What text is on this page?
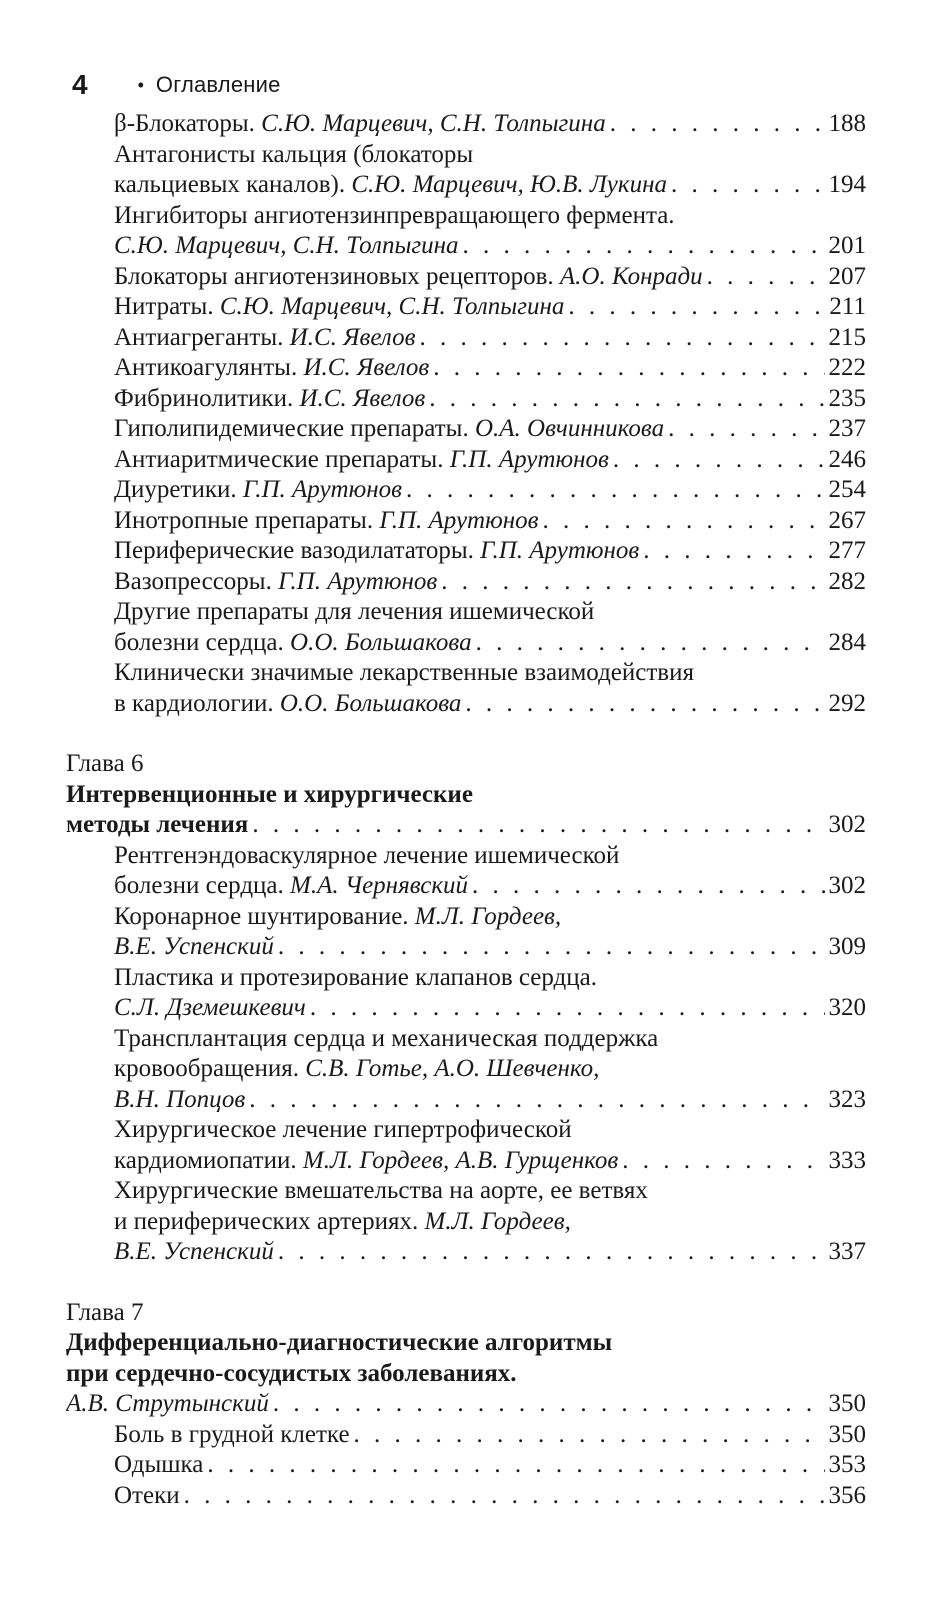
4	• Оглавление
β-Блокаторы. С.Ю. Марцевич, С.Н. Толпыгина . . .	188
Антагонисты кальция (блокаторы
кальциевых каналов). С.Ю. Марцевич, Ю.В. Лукина . . .	194
Ингибиторы ангиотензинпревращающего фермента.
С.Ю. Марцевич, С.Н. Толпыгина . . .	201
Блокаторы ангиотензиновых рецепторов. А.О. Конради . . .	207
Нитраты. С.Ю. Марцевич, С.Н. Толпыгина . . .	211
Антиагреганты. И.С. Явелов . . .	215
Антикоагулянты. И.С. Явелов . . .	222
Фибринолитики. И.С. Явелов . . .	235
Гиполипидемические препараты. О.А. Овчинникова . . .	237
Антиаритмические препараты. Г.П. Арутюнов . . .	246
Диуретики. Г.П. Арутюнов . . .	254
Инотропные препараты. Г.П. Арутюнов . . .	267
Периферические вазодилататоры. Г.П. Арутюнов . . .	277
Вазопрессоры. Г.П. Арутюнов . . .	282
Другие препараты для лечения ишемической
болезни сердца. О.О. Большакова . . .	284
Клинически значимые лекарственные взаимодействия
в кардиологии. О.О. Большакова . . .	292
Глава 6
Интервенционные и хирургические
методы лечения . . .	302
Рентгенэндоваскулярное лечение ишемической
болезни сердца. М.А. Чернявский . . .	302
Коронарное шунтирование. М.Л. Гордеев,
В.Е. Успенский . . .	309
Пластика и протезирование клапанов сердца.
С.Л. Дземешкевич . . .	320
Трансплантация сердца и механическая поддержка
кровообращения. С.В. Готье, А.О. Шевченко,
В.Н. Попцов . . .	323
Хирургическое лечение гипертрофической
кардиомиопатии. М.Л. Гордеев, А.В. Гурщенков . . .	333
Хирургические вмешательства на аорте, ее ветвях
и периферических артериях. М.Л. Гордеев,
В.Е. Успенский . . .	337
Глава 7
Дифференциально-диагностические алгоритмы
при сердечно-сосудистых заболеваниях.
А.В. Струтынский . . .	350
Боль в грудной клетке . . .	350
Одышка . . .	353
Отеки . . .	356
